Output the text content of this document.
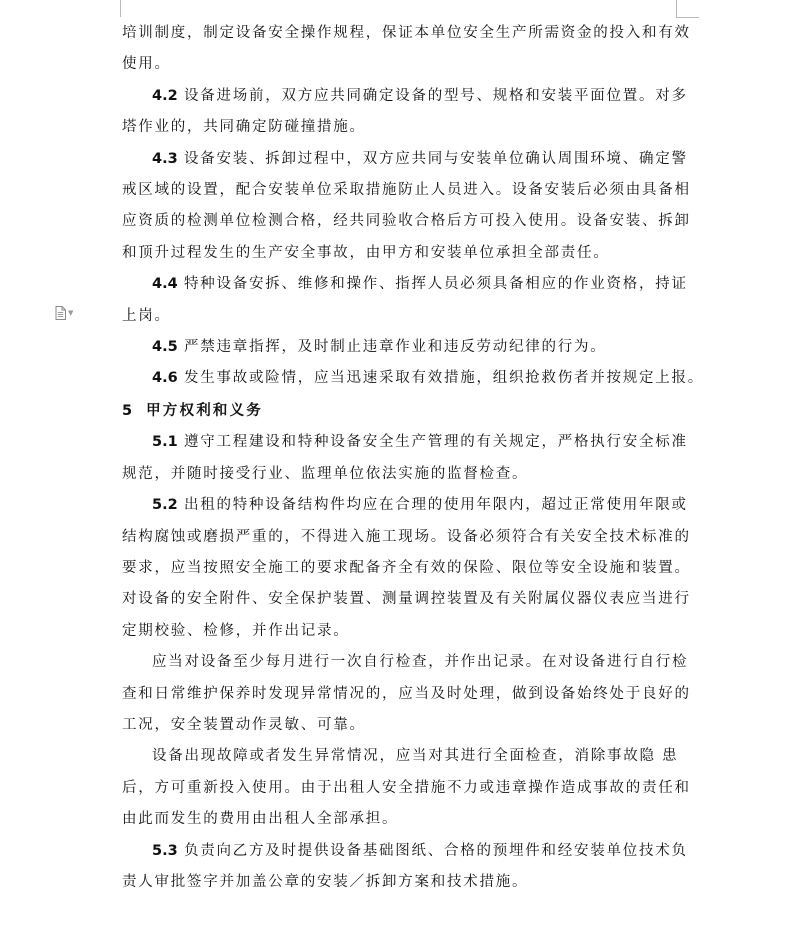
▼

培训制度，制定设备安全操作规程，保证本单位安全生产所需资金的投入和有效

使用。

4.2 设备进场前，双方应共同确定设备的型号、规格和安装平面位置。对多

塔作业的，共同确定防碰撞措施。

4.3 设备安装、拆卸过程中，双方应共同与安装单位确认周围环境、确定警

戒区域的设置，配合安装单位采取措施防止人员进入。设备安装后必须由具备相

应资质的检测单位检测合格，经共同验收合格后方可投入使用。设备安装、拆卸

和顶升过程发生的生产安全事故，由甲方和安装单位承担全部责任。

4.4 特种设备安拆、维修和操作、指挥人员必须具备相应的作业资格，持证

上岗。

4.5 严禁违章指挥，及时制止违章作业和违反劳动纪律的行为。

4.6 发生事故或险情，应当迅速采取有效措施，组织抢救伤者并按规定上报。

5 甲方权利和义务

5.1 遵守工程建设和特种设备安全生产管理的有关规定，严格执行安全标准

规范，并随时接受行业、监理单位依法实施的监督检查。

5.2 出租的特种设备结构件均应在合理的使用年限内，超过正常使用年限或

结构腐蚀或磨损严重的，不得进入施工现场。设备必须符合有关安全技术标准的

要求，应当按照安全施工的要求配备齐全有效的保险、限位等安全设施和装置。

对设备的安全附件、安全保护装置、测量调控装置及有关附属仪器仪表应当进行

定期校验、检修，并作出记录。

应当对设备至少每月进行一次自行检查，并作出记录。在对设备进行自行检

查和日常维护保养时发现异常情况的，应当及时处理，做到设备始终处于良好的

工况，安全装置动作灵敏、可靠。

设备出现故障或者发生异常情况，应当对其进行全面检查，消除事故隐 患

后，方可重新投入使用。由于出租人安全措施不力或违章操作造成事故的责任和

由此而发生的费用由出租人全部承担。

5.3 负责向乙方及时提供设备基础图纸、合格的预埋件和经安装单位技术负

责人审批签字并加盖公章的安装／拆卸方案和技术措施。
